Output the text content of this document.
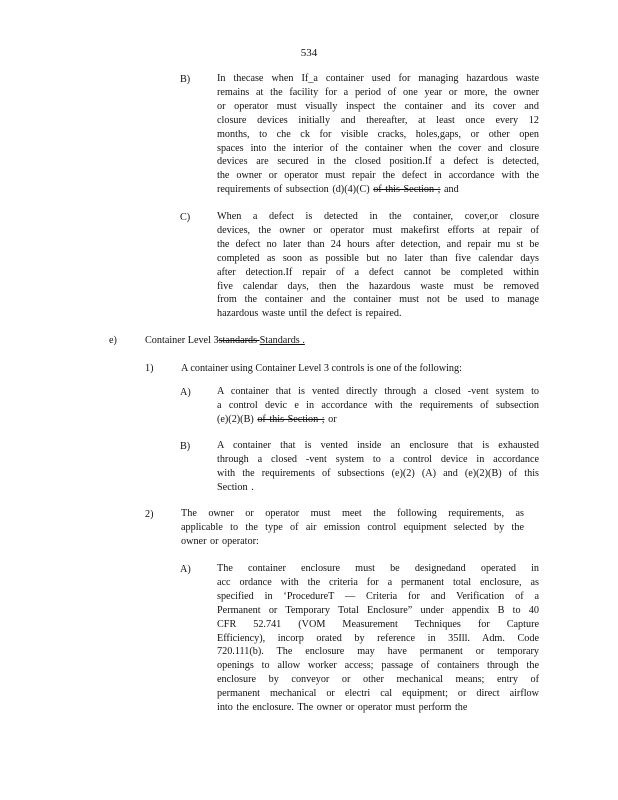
534
B)	In thecase when If_a container used for managing hazardous waste
remains at the facility for a period of one year or more, the owner
or operator must visually inspect the container and its cover and
closure devices initially and thereafter, at least once every 12
months, to che ck for visible cracks, holes,gaps, or other open
spaces into the interior of the container when the cover and closure
devices are secured in the closed position.If a defect is detected,
the owner or operator must repair the defect in accordance with the
requirements of subsection (d)(4)(C) of this Section ; and
C)	When a defect is detected in the container, cover,or closure
devices, the owner or operator must makefirst efforts at repair of
the defect no later than 24 hours after detection, and repair mu st be
completed as soon as possible but no later than five calendar days
after detection.If repair of a defect cannot be completed within
five calendar days, then the hazardous waste must be removed
from the container and the container must not be used to manage
hazardous waste until the defect is repaired.
e)	Container Level 3standards Standards .
1)	A container using Container Level 3 controls is one of the following:
A)	A container that is vented directly through a closed -vent system to
a control devic e in accordance with the requirements of subsection
(e)(2)(B) of this Section ; or
B)	A container that is vented inside an enclosure that is exhausted
through a closed -vent system to a control device in accordance
with the requirements of subsections (e)(2) (A) and (e)(2)(B) of this
Section .
2)	The owner or operator must meet the following requirements, as
applicable to the type of air emission control equipment selected by the
owner or operator:
A)	The container enclosure must be designedand operated in
acc ordance with the criteria for a permanent total enclosure, as
specified in ‘ProcedureT — Criteria for and Verification of a
Permanent or Temporary Total Enclosure” under appendix B to 40
CFR 52.741 (VOM Measurement Techniques for Capture
Efficiency), incorp orated by reference in 35Ill. Adm. Code
720.111(b). The enclosure may have permanent or temporary
openings to allow worker access; passage of containers through the
enclosure by conveyor or other mechanical means; entry of
permanent mechanical or electri cal equipment; or direct airflow
into the enclosure. The owner or operator must perform the
